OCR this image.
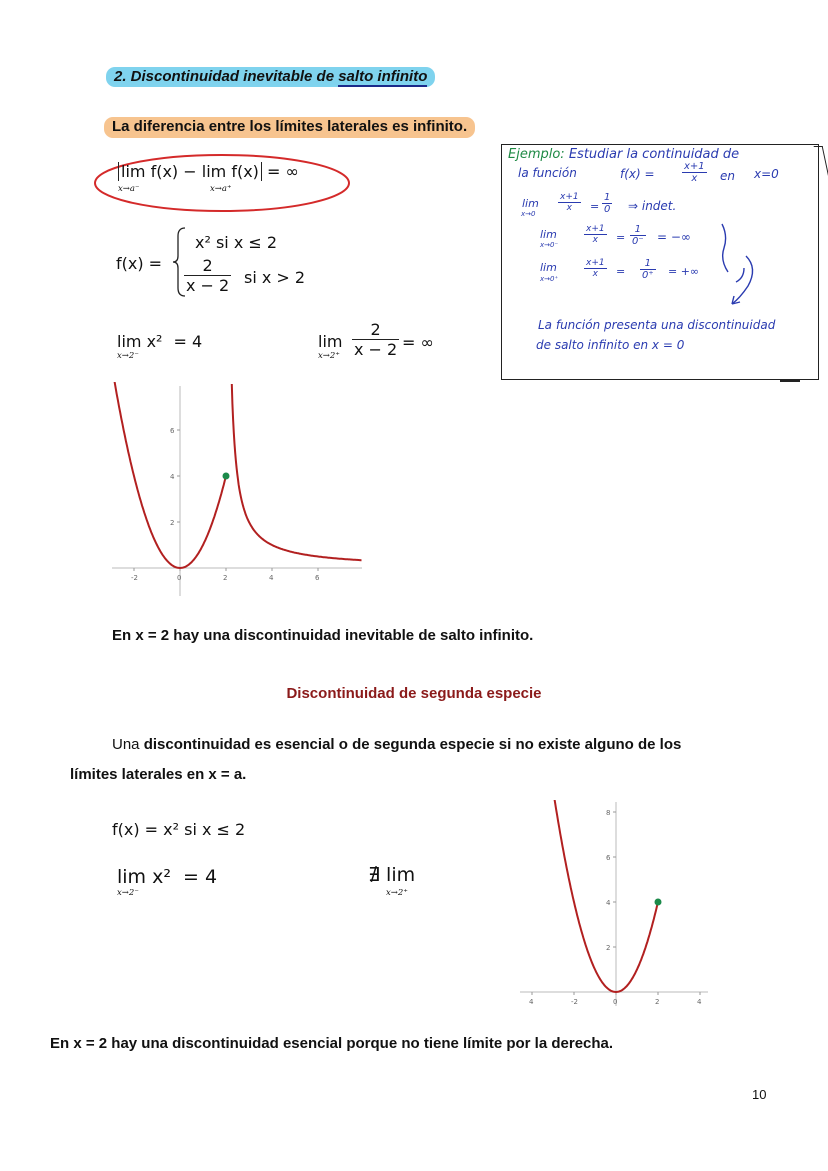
2. Discontinuidad inevitable de salto infinito
La diferencia entre los límites laterales es infinito.
lim f(x) − lim f(x) = ∞
x→a⁻	x→a⁺
f(x) =
x² si x ≤ 2
$\frac{2}{x - 2}$ si x > 2
lim x² = 4
x→2⁻
lim
$x\to 2^+ \frac{2}{x - 2}$ = ∞
Ejemplo: Estudiar la continuidad de
la función	f(x) =	$\frac{x+1}{x}$ en x=0
lim
x→0
$\frac{x+1}{x} = \frac{1}{0}$ ⇒ indet.
lim
x→0⁻	$\frac{x+1}{x} = \frac{1}{0^-}$ = −∞
lim
x→0⁺	$\frac{x+1}{x} = \frac{1}{0^+}$ = +∞
La función presenta una discontinuidad
de salto infinito en x = 0
6
4
2
-2	0	2	4	6
En x = 2 hay una discontinuidad inevitable de salto infinito.
Discontinuidad de segunda especie
Una discontinuidad es esencial o de segunda especie si no existe alguno de los
límites laterales en x = a.
f(x) = x² si x ≤ 2
lim x² = 4
x→2⁻
∄ lim
x→2⁺
8
6
4
2
4	-2	0	2	4
En x = 2 hay una discontinuidad esencial porque no tiene límite por la derecha.
10
